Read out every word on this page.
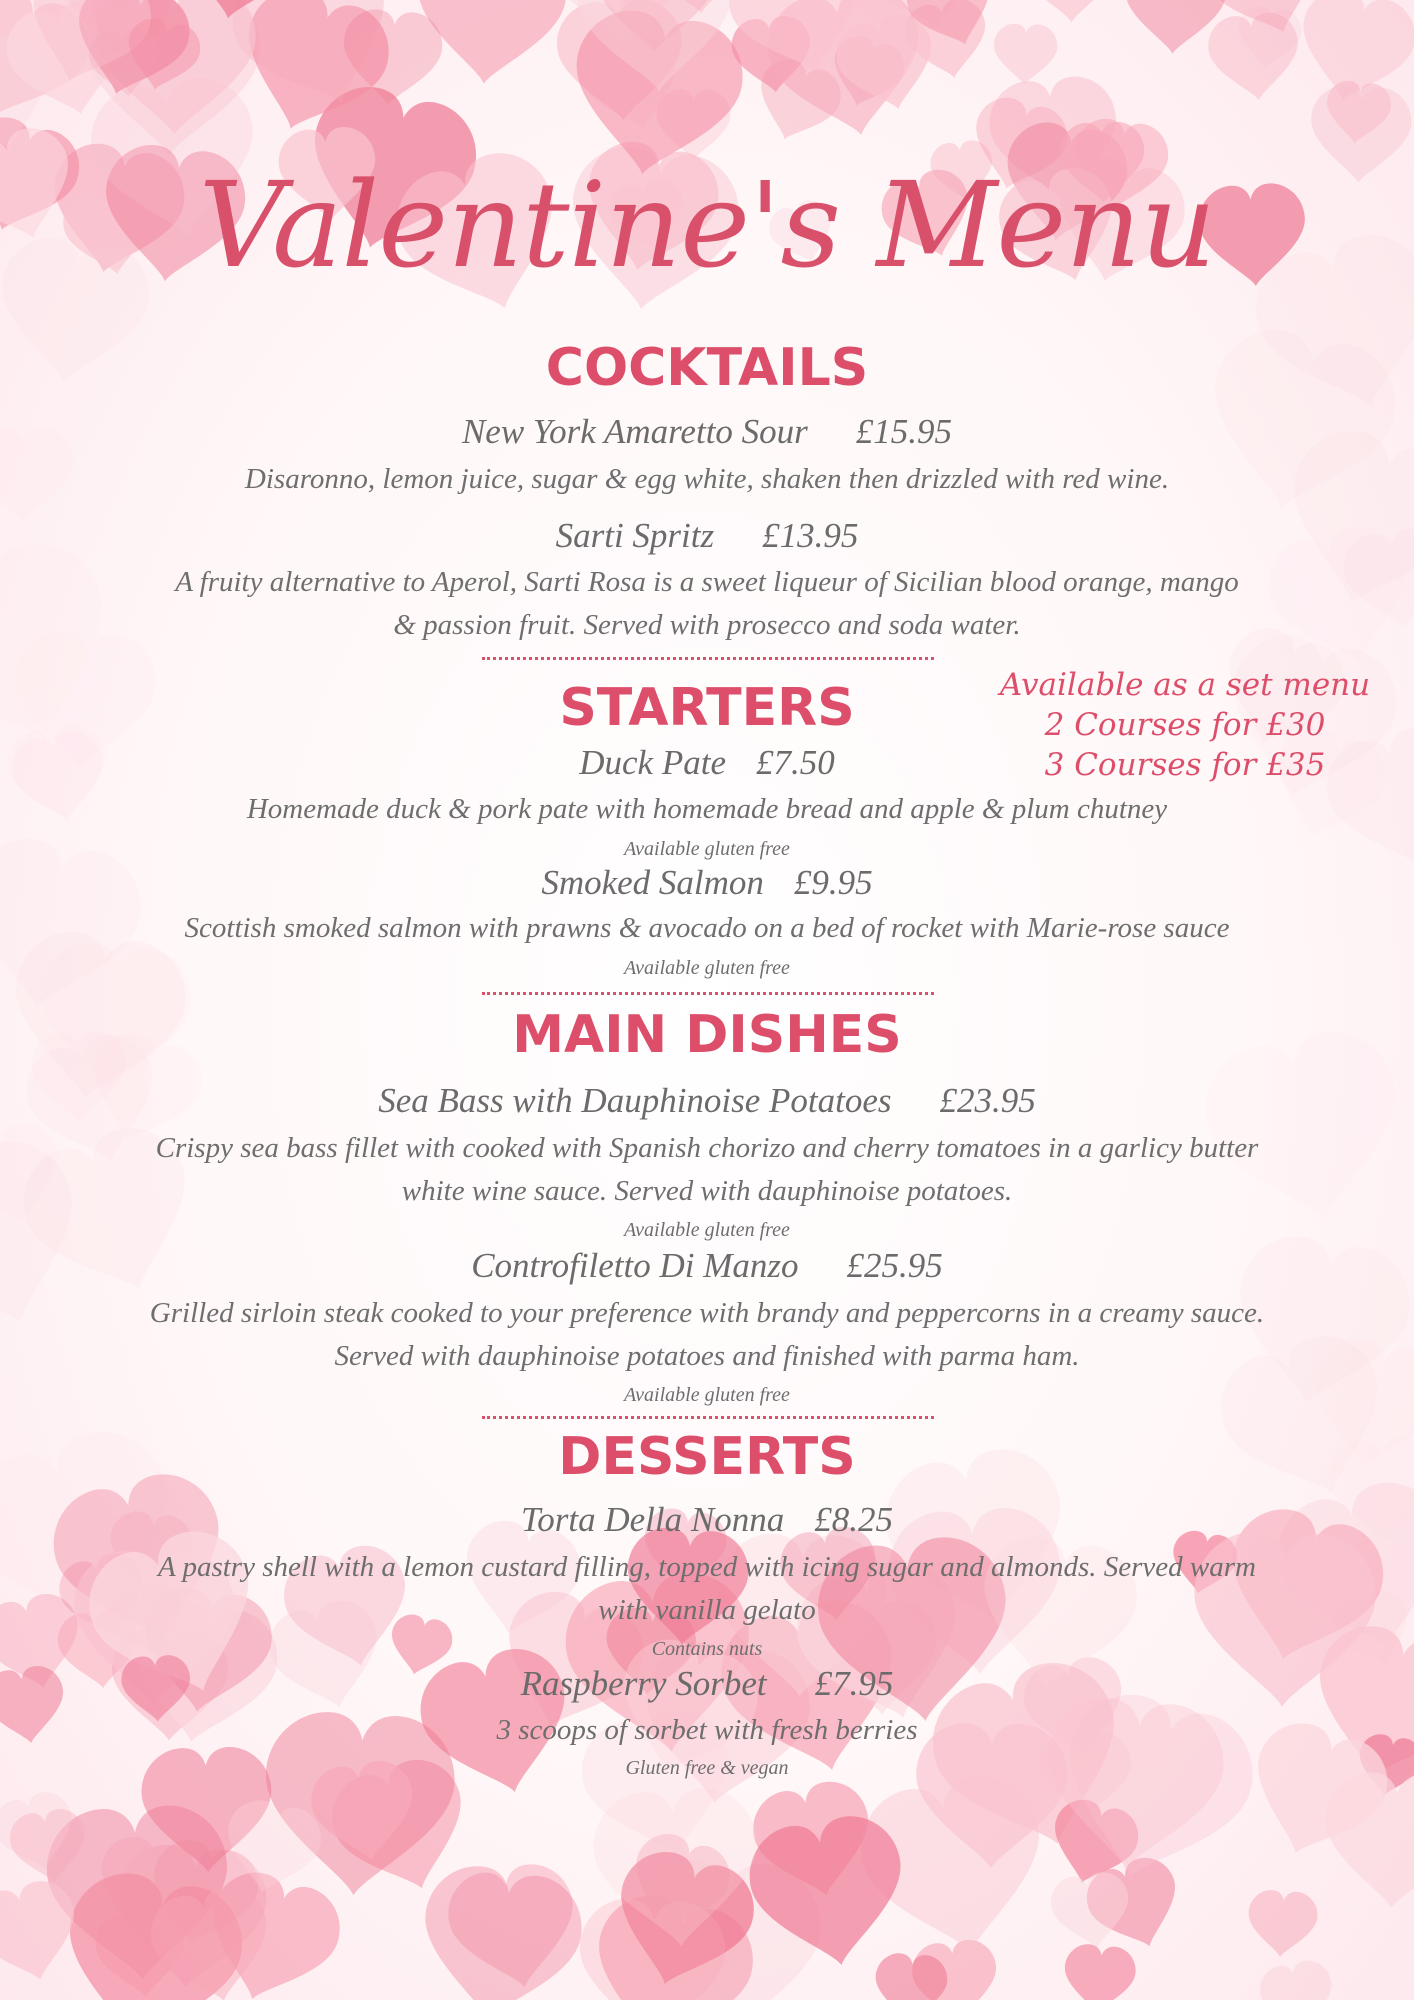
Valentine's Menu
Available as a set menu
2 Courses for £30
3 Courses for £35
COCKTAILS
New York Amaretto Sour £15.95
Disaronno, lemon juice, sugar & egg white, shaken then drizzled with red wine.
Sarti Spritz £13.95
A fruity alternative to Aperol, Sarti Rosa is a sweet liqueur of Sicilian blood orange, mango
& passion fruit. Served with prosecco and soda water.
STARTERS
Duck Pate £7.50
Homemade duck & pork pate with homemade bread and apple & plum chutney
Available gluten free
Smoked Salmon £9.95
Scottish smoked salmon with prawns & avocado on a bed of rocket with Marie-rose sauce
Available gluten free
MAIN DISHES
Sea Bass with Dauphinoise Potatoes £23.95
Crispy sea bass fillet with cooked with Spanish chorizo and cherry tomatoes in a garlicy butter
white wine sauce. Served with dauphinoise potatoes.
Available gluten free
Controfiletto Di Manzo £25.95
Grilled sirloin steak cooked to your preference with brandy and peppercorns in a creamy sauce.
Served with dauphinoise potatoes and finished with parma ham.
Available gluten free
DESSERTS
Torta Della Nonna £8.25
A pastry shell with a lemon custard filling, topped with icing sugar and almonds. Served warm
with vanilla gelato
Contains nuts
Raspberry Sorbet £7.95
3 scoops of sorbet with fresh berries
Gluten free & vegan
